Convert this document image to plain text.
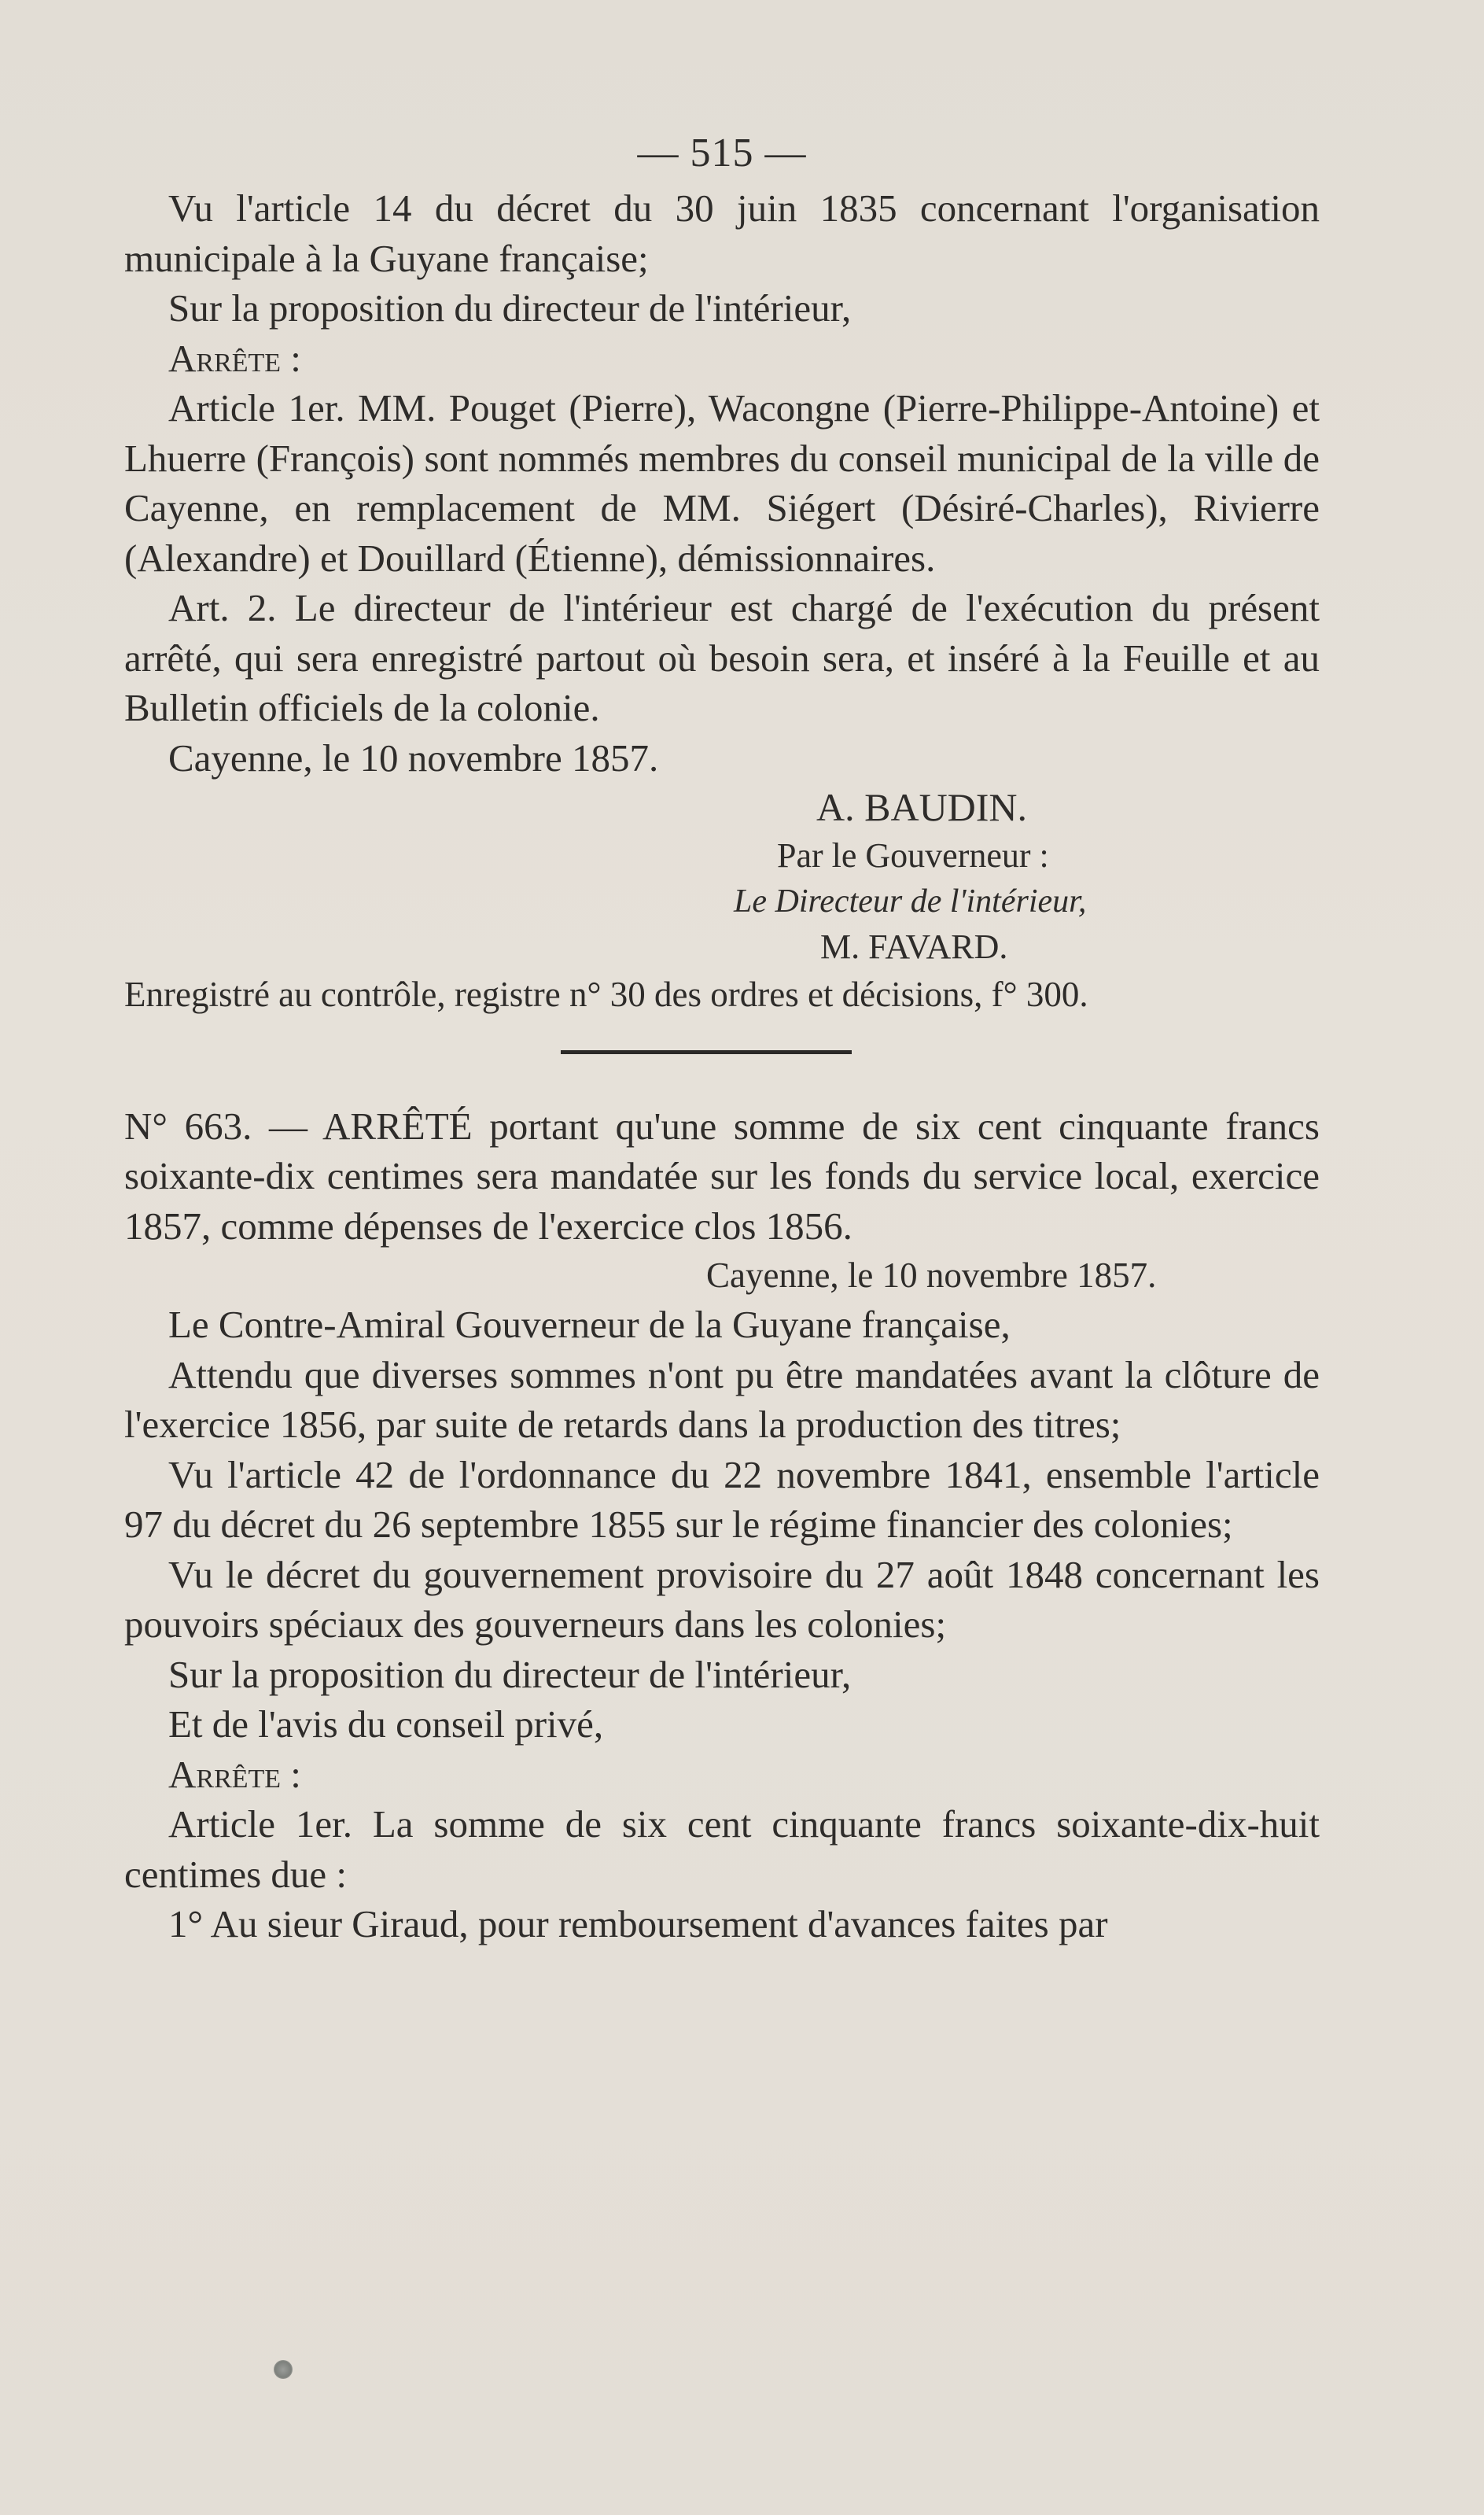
— 515 —

Vu l'article 14 du décret du 30 juin 1835 concernant l'organisation municipale à la Guyane française;

Sur la proposition du directeur de l'intérieur,

Arrête :

Article 1er. MM. Pouget (Pierre), Wacongne (Pierre-Philippe-Antoine) et Lhuerre (François) sont nommés membres du conseil municipal de la ville de Cayenne, en remplacement de MM. Siégert (Désiré-Charles), Rivierre (Alexandre) et Douillard (Étienne), démissionnaires.

Art. 2. Le directeur de l'intérieur est chargé de l'exécution du présent arrêté, qui sera enregistré partout où besoin sera, et inséré à la Feuille et au Bulletin officiels de la colonie.

Cayenne, le 10 novembre 1857.

A. BAUDIN.

Par le Gouverneur :

Le Directeur de l'intérieur,

M. FAVARD.

Enregistré au contrôle, registre n° 30 des ordres et décisions, f° 300.

N° 663. — ARRÊTÉ portant qu'une somme de six cent cinquante francs soixante-dix centimes sera mandatée sur les fonds du service local, exercice 1857, comme dépenses de l'exercice clos 1856.

Cayenne, le 10 novembre 1857.

Le Contre-Amiral Gouverneur de la Guyane française,

Attendu que diverses sommes n'ont pu être mandatées avant la clôture de l'exercice 1856, par suite de retards dans la production des titres;

Vu l'article 42 de l'ordonnance du 22 novembre 1841, ensemble l'article 97 du décret du 26 septembre 1855 sur le régime financier des colonies;

Vu le décret du gouvernement provisoire du 27 août 1848 concernant les pouvoirs spéciaux des gouverneurs dans les colonies;

Sur la proposition du directeur de l'intérieur,

Et de l'avis du conseil privé,

Arrête :

Article 1er. La somme de six cent cinquante francs soixante-dix-huit centimes due :

1° Au sieur Giraud, pour remboursement d'avances faites par
